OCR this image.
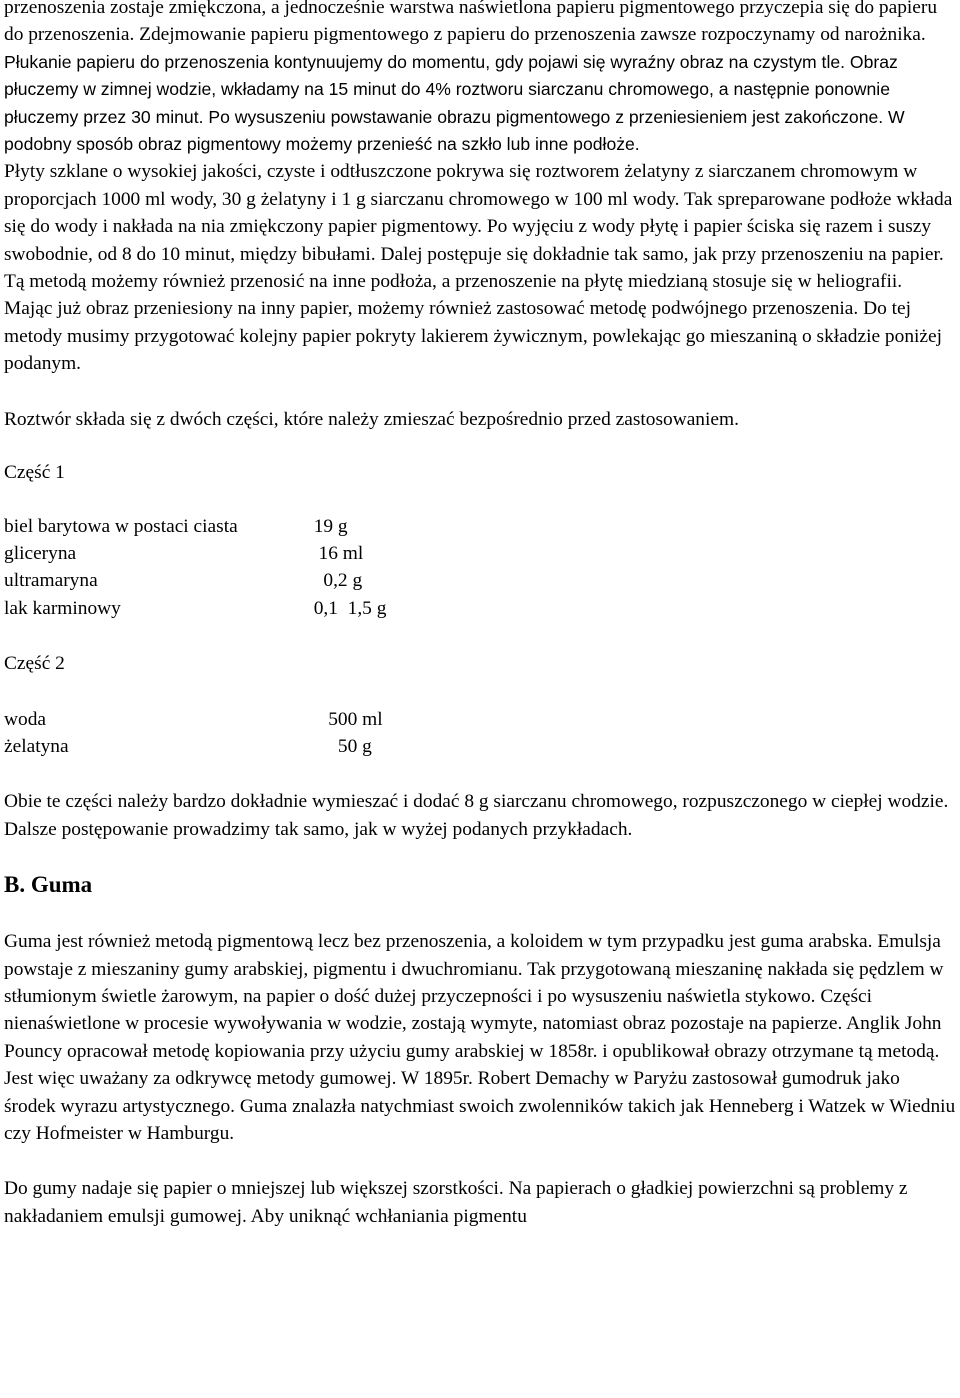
przenoszenia zostaje zmiękczona, a jednocześnie warstwa naświetlona papieru pigmentowego przyczepia się do papieru do przenoszenia. Zdejmowanie papieru pigmentowego z papieru do przenoszenia zawsze rozpoczynamy od narożnika. Płukanie papieru do przenoszenia kontynuujemy do momentu, gdy pojawi się wyraźny obraz na czystym tle. Obraz płuczemy w zimnej wodzie, wkładamy na 15 minut do 4% roztworu siarczanu chromowego, a następnie ponownie płuczemy przez 30 minut. Po wysuszeniu powstawanie obrazu pigmentowego z przeniesieniem jest zakończone. W podobny sposób obraz pigmentowy możemy przenieść na szkło lub inne podłoże.

Płyty szklane o wysokiej jakości, czyste i odtłuszczone pokrywa się roztworem żelatyny z siarczanem chromowym w proporcjach 1000 ml wody, 30 g żelatyny i 1 g siarczanu chromowego w 100 ml wody. Tak spreparowane podłoże wkłada się do wody i nakłada na nia zmiękczony papier pigmentowy. Po wyjęciu z wody płytę i papier ściska się razem i suszy swobodnie, od 8 do 10 minut, między bibułami. Dalej postępuje się dokładnie tak samo, jak przy przenoszeniu na papier. Tą metodą możemy również przenosić na inne podłoża, a przenoszenie na płytę miedzianą stosuje się w heliografii.

Mając już obraz przeniesiony na inny papier, możemy również zastosować metodę podwójnego przenoszenia. Do tej metody musimy przygotować kolejny papier pokryty lakierem żywicznym, powlekając go mieszaniną o składzie poniżej podanym.

Roztwór składa się z dwóch części, które należy zmieszać bezpośrednio przed zastosowaniem.

Część 1

biel barytowa w postaci ciasta	19 g
gliceryna	16 ml
ultramaryna	0,2 g
lak karminowy	0,1  1,5 g

Część 2

woda	500 ml
żelatyna	50 g

Obie te części należy bardzo dokładnie wymieszać i dodać 8 g siarczanu chromowego, rozpuszczonego w ciepłej wodzie. Dalsze postępowanie prowadzimy tak samo, jak w wyżej podanych przykładach.

B. Guma

Guma jest również metodą pigmentową lecz bez przenoszenia, a koloidem w tym przypadku jest guma arabska. Emulsja powstaje z mieszaniny gumy arabskiej, pigmentu i dwuchromianu. Tak przygotowaną mieszaninę nakłada się pędzlem w stłumionym świetle żarowym, na papier o dość dużej przyczepności i po wysuszeniu naświetla stykowo. Części nienaświetlone w procesie wywoływania w wodzie, zostają wymyte, natomiast obraz pozostaje na papierze. Anglik John Pouncy opracował metodę kopiowania przy użyciu gumy arabskiej w 1858r. i opublikował obrazy otrzymane tą metodą. Jest więc uważany za odkrywcę metody gumowej. W 1895r. Robert Demachy w Paryżu zastosował gumodruk jako środek wyrazu artystycznego. Guma znalazła natychmiast swoich zwolenników takich jak Henneberg i Watzek w Wiedniu czy Hofmeister w Hamburgu.

Do gumy nadaje się papier o mniejszej lub większej szorstkości. Na papierach o gładkiej powierzchni są problemy z nakładaniem emulsji gumowej. Aby uniknąć wchłaniania pigmentu
